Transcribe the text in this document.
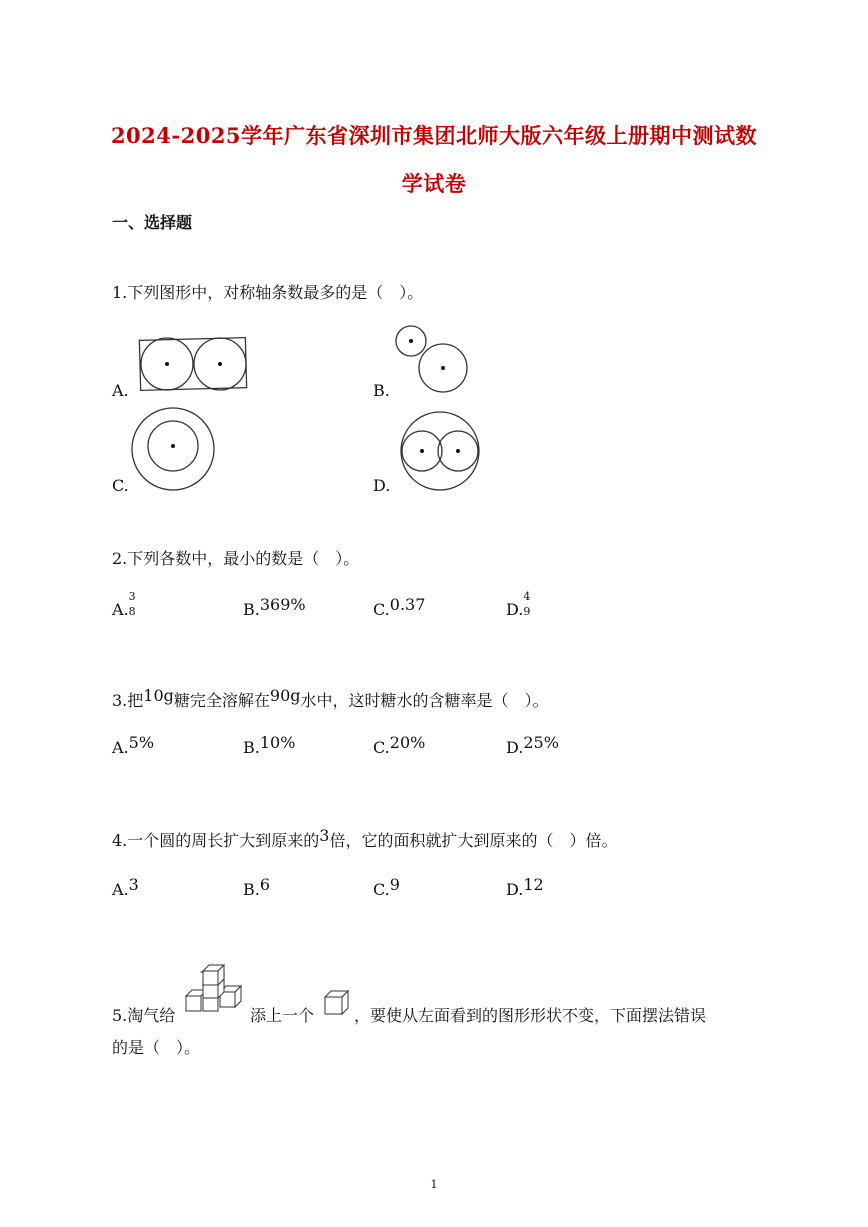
2024-2025学年广东省深圳市集团北师大版六年级上册期中测试数
学试卷
一、选择题
1.下列图形中，对称轴条数最多的是（　）。
A.	B.
C.	D.
2.下列各数中，最小的数是（　）。
A.
3
8	B.369%	C.0.37	D.
4
9
3.把10g糖完全溶解在90g水中，这时糖水的含糖率是（　）。
A.5%	B.10%	C.20%	D.25%
4.一个圆的周长扩大到原来的3倍，它的面积就扩大到原来的（　）倍。
A.3	B.6	C.9	D.12
5.淘气给	添上一个 ，要使从左面看到的图形形状不变，下面摆法错误
的是（　）。
1
